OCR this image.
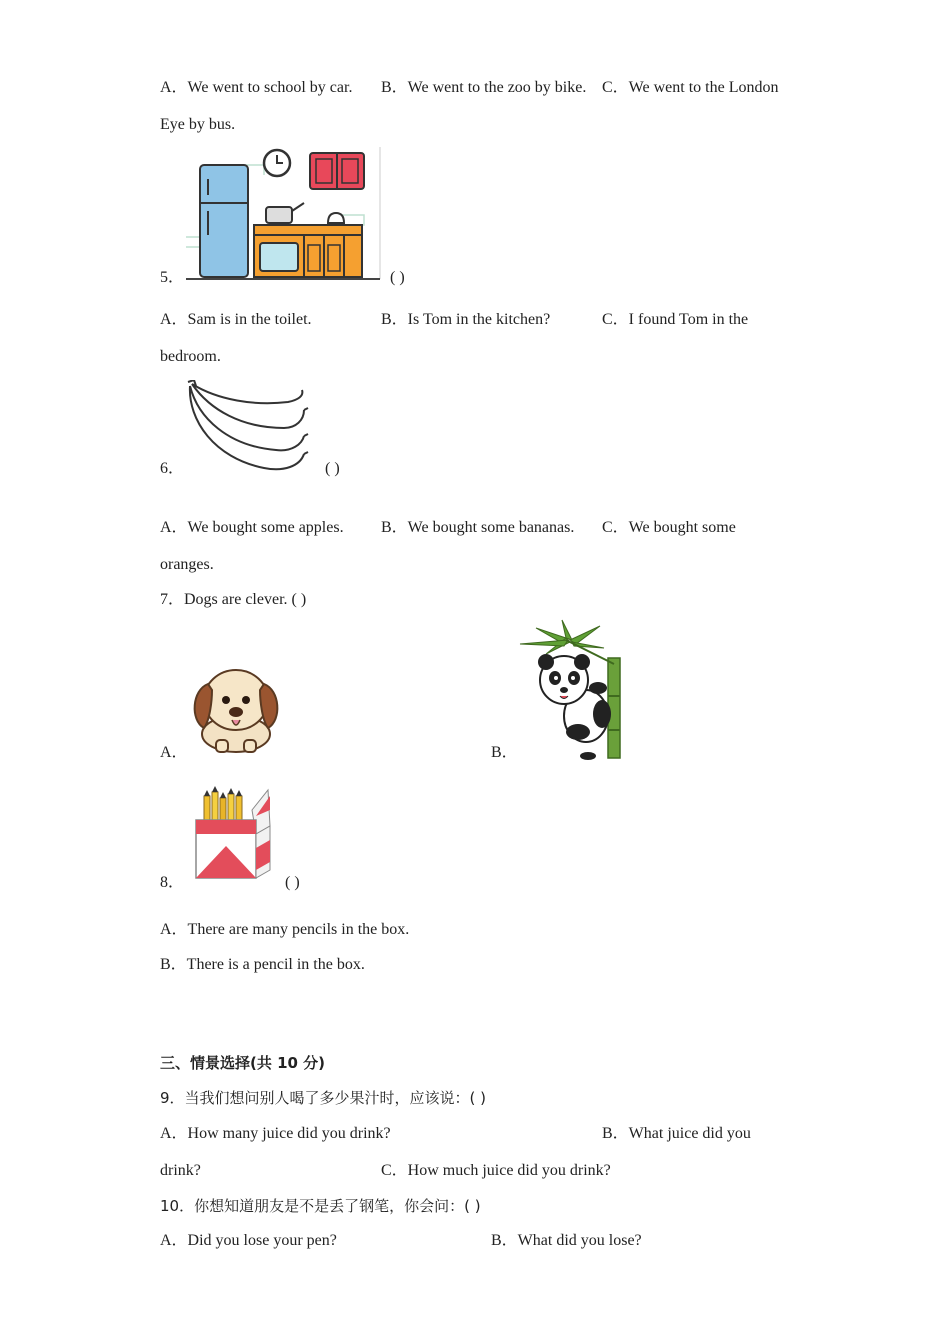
A．We went to school by car. B．We went to the zoo by bike. C．We went to the London
Eye by bus.
5．	( )
A．Sam is in the toilet.	B．Is Tom in the kitchen?	C．I found Tom in the
bedroom.
6．	( )
A．We bought some apples. B．We bought some bananas. C．We bought some
oranges.
7．Dogs are clever. ( )
A．	B．
8．	( )
A．There are many pencils in the box.
B．There is a pencil in the box.
三、情景选择(共 10 分)
9．当我们想问别人喝了多少果汁时，应该说：( )
A．How many juice did you drink?	B．What juice did you
drink?	C．How much juice did you drink?
10．你想知道朋友是不是丢了钢笔，你会问：( )
A．Did you lose your pen?	B．What did you lose?
